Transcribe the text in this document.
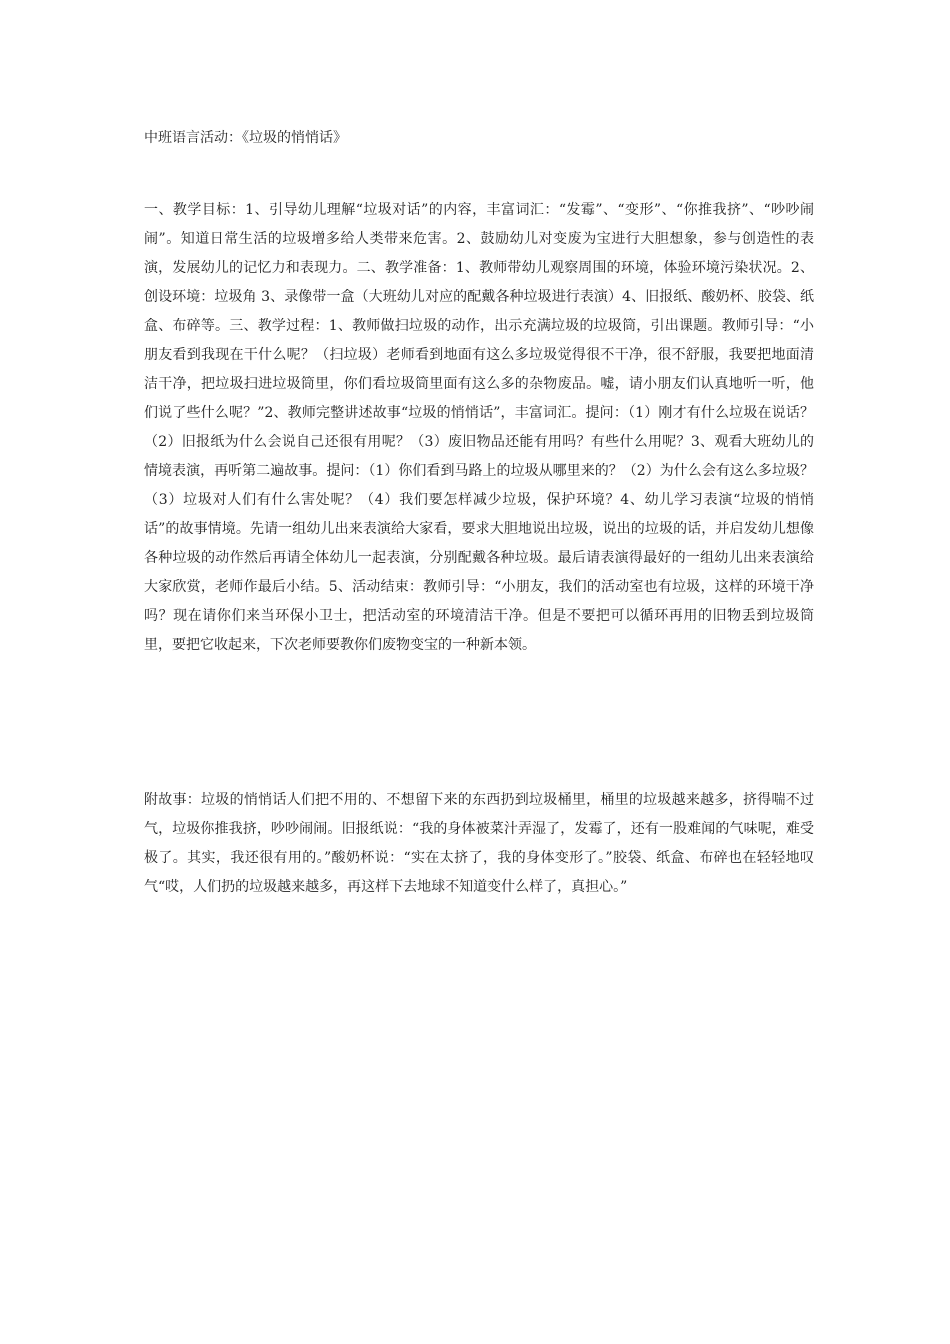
中班语言活动：《垃圾的悄悄话》
一、教学目标：1、引导幼儿理解“垃圾对话”的内容，丰富词汇：“发霉”、“变形”、“你推我挤”、“吵吵闹闹”。知道日常生活的垃圾增多给人类带来危害。2、鼓励幼儿对变废为宝进行大胆想象，参与创造性的表演，发展幼儿的记忆力和表现力。二、教学准备：1、教师带幼儿观察周围的环境，体验环境污染状况。2、创设环境：垃圾角 3、录像带一盒（大班幼儿对应的配戴各种垃圾进行表演）4、旧报纸、酸奶杯、胶袋、纸盒、布碎等。三、教学过程：1、教师做扫垃圾的动作，出示充满垃圾的垃圾筒，引出课题。教师引导：“小朋友看到我现在干什么呢？（扫垃圾）老师看到地面有这么多垃圾觉得很不干净，很不舒服，我要把地面清洁干净，把垃圾扫进垃圾筒里，你们看垃圾筒里面有这么多的杂物废品。嘘，请小朋友们认真地听一听，他们说了些什么呢？”2、教师完整讲述故事“垃圾的悄悄话”，丰富词汇。提问：（1）刚才有什么垃圾在说话？（2）旧报纸为什么会说自己还很有用呢？（3）废旧物品还能有用吗？有些什么用呢？3、观看大班幼儿的情境表演，再听第二遍故事。提问：（1）你们看到马路上的垃圾从哪里来的？（2）为什么会有这么多垃圾？（3）垃圾对人们有什么害处呢？（4）我们要怎样减少垃圾，保护环境？4、幼儿学习表演“垃圾的悄悄话”的故事情境。先请一组幼儿出来表演给大家看，要求大胆地说出垃圾，说出的垃圾的话，并启发幼儿想像各种垃圾的动作然后再请全体幼儿一起表演，分别配戴各种垃圾。最后请表演得最好的一组幼儿出来表演给大家欣赏，老师作最后小结。5、活动结束：教师引导：“小朋友，我们的活动室也有垃圾，这样的环境干净吗？现在请你们来当环保小卫士，把活动室的环境清洁干净。但是不要把可以循环再用的旧物丢到垃圾筒里，要把它收起来，下次老师要教你们废物变宝的一种新本领。
附故事：垃圾的悄悄话人们把不用的、不想留下来的东西扔到垃圾桶里，桶里的垃圾越来越多，挤得喘不过气，垃圾你推我挤，吵吵闹闹。旧报纸说：“我的身体被菜汁弄湿了，发霉了，还有一股难闻的气味呢，难受极了。其实，我还很有用的。”酸奶杯说：“实在太挤了，我的身体变形了。”胶袋、纸盒、布碎也在轻轻地叹气“哎，人们扔的垃圾越来越多，再这样下去地球不知道变什么样了，真担心。”
